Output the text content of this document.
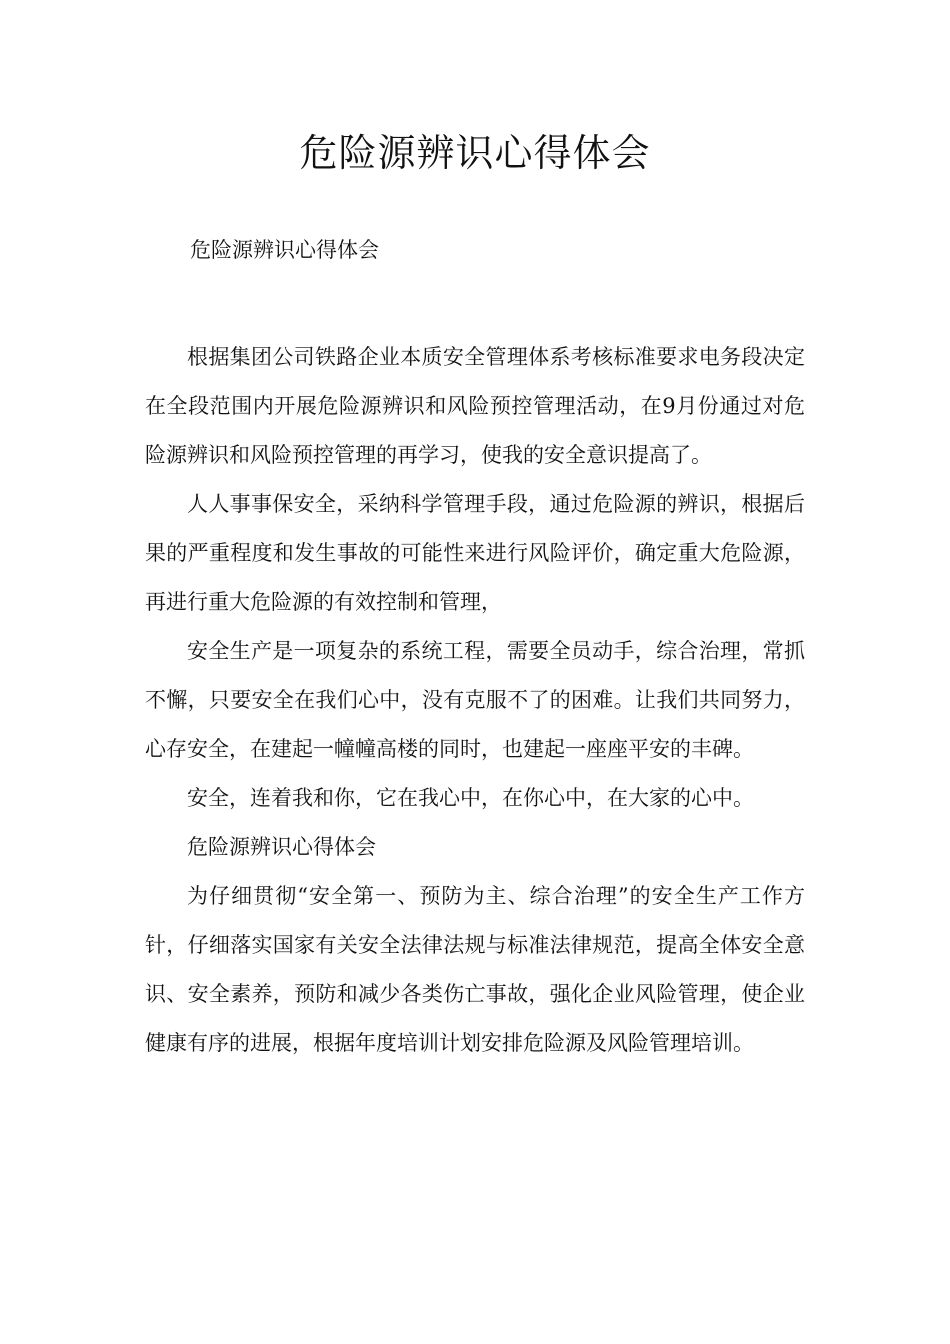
危险源辨识心得体会

危险源辨识心得体会

根据集团公司铁路企业本质安全管理体系考核标准要求电务段决定在全段范围内开展危险源辨识和风险预控管理活动，在9月份通过对危险源辨识和风险预控管理的再学习，使我的安全意识提高了。

人人事事保安全，采纳科学管理手段，通过危险源的辨识，根据后果的严重程度和发生事故的可能性来进行风险评价，确定重大危险源，再进行重大危险源的有效控制和管理，

安全生产是一项复杂的系统工程，需要全员动手，综合治理，常抓不懈，只要安全在我们心中，没有克服不了的困难。让我们共同努力，心存安全，在建起一幢幢高楼的同时，也建起一座座平安的丰碑。

安全，连着我和你，它在我心中，在你心中，在大家的心中。

危险源辨识心得体会

为仔细贯彻“安全第一、预防为主、综合治理”的安全生产工作方针，仔细落实国家有关安全法律法规与标准法律规范，提高全体安全意识、安全素养，预防和减少各类伤亡事故，强化企业风险管理，使企业健康有序的进展，根据年度培训计划安排危险源及风险管理培训。
